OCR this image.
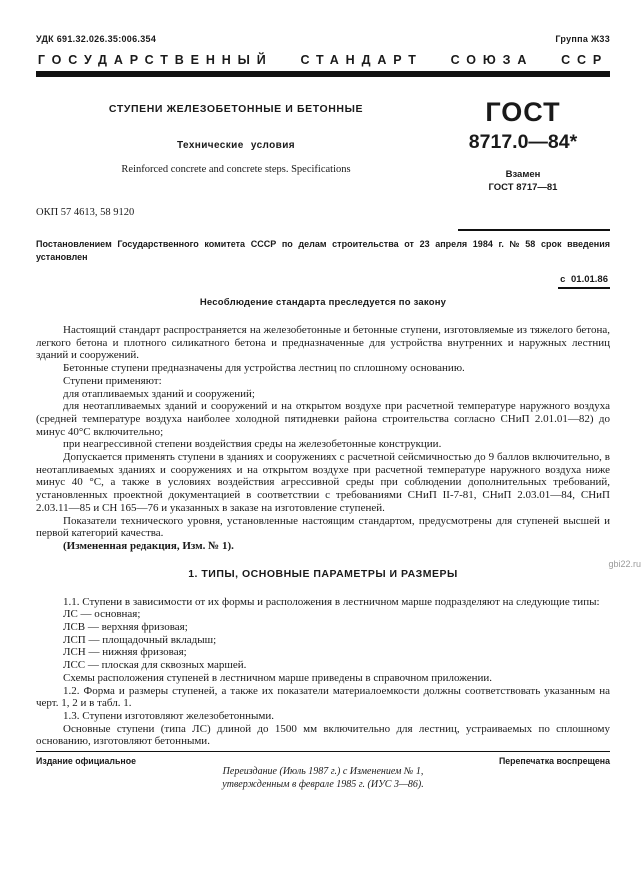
УДК 691.32.026.35:006.354	Группа Ж33
ГОСУДАРСТВЕННЫЙ СТАНДАРТ СОЮЗА ССР
СТУПЕНИ ЖЕЛЕЗОБЕТОННЫЕ И БЕТОННЫЕ
Технические условия
Reinforced concrete and concrete steps. Specifications
ГОСТ
8717.0—84*
Взамен
ГОСТ 8717—81
ОКП 57 4613, 58 9120
Постановлением Государственного комитета СССР по делам строительства от 23 апреля 1984 г. № 58 срок введения установлен
с 01.01.86
Несоблюдение стандарта преследуется по закону

Настоящий стандарт распространяется на железобетонные и бетонные ступени, изготовляемые из тяжелого бетона, легкого бетона и плотного силикатного бетона и предназначенные для устройства внутренних и наружных лестниц зданий и сооружений.

Бетонные ступени предназначены для устройства лестниц по сплошному основанию.

Ступени применяют:

для отапливаемых зданий и сооружений;

для неотапливаемых зданий и сооружений и на открытом воздухе при расчетной температуре наружного воздуха (средней температуре воздуха наиболее холодной пятидневки района строительства согласно СНиП 2.01.01—82) до минус 40°С включительно;

при неагрессивной степени воздействия среды на железобетонные конструкции.

Допускается применять ступени в зданиях и сооружениях с расчетной сейсмичностью до 9 баллов включительно, в неотапливаемых зданиях и сооружениях и на открытом воздухе при расчетной температуре наружного воздуха ниже минус 40 °С, а также в условиях воздействия агрессивной среды при соблюдении дополнительных требований, установленных проектной документацией в соответствии с требованиями СНиП II-7-81, СНиП 2.03.01—84, СНиП 2.03.11—85 и СН 165—76 и указанных в заказе на изготовление ступеней.

Показатели технического уровня, установленные настоящим стандартом, предусмотрены для ступеней высшей и первой категорий качества.

(Измененная редакция, Изм. № 1).

1. ТИПЫ, ОСНОВНЫЕ ПАРАМЕТРЫ И РАЗМЕРЫ

1.1. Ступени в зависимости от их формы и расположения в лестничном марше подразделяют на следующие типы:

ЛС — основная;

ЛСВ — верхняя фризовая;

ЛСП — площадочный вкладыш;

ЛСН — нижняя фризовая;

ЛСС — плоская для сквозных маршей.

Схемы расположения ступеней в лестничном марше приведены в справочном приложении.

1.2. Форма и размеры ступеней, а также их показатели материалоемкости должны соответствовать указанным на черт. 1, 2 и в табл. 1.

1.3. Ступени изготовляют железобетонными.

Основные ступени (типа ЛС) длиной до 1500 мм включительно для лестниц, устраиваемых по сплошному основанию, изготовляют бетонными.

Издание официальное	Перепечатка воспрещена
Переиздание (Июль 1987 г.) с Изменением № 1,
утвержденным в феврале 1985 г. (ИУС 3—86).
gbi22.ru
